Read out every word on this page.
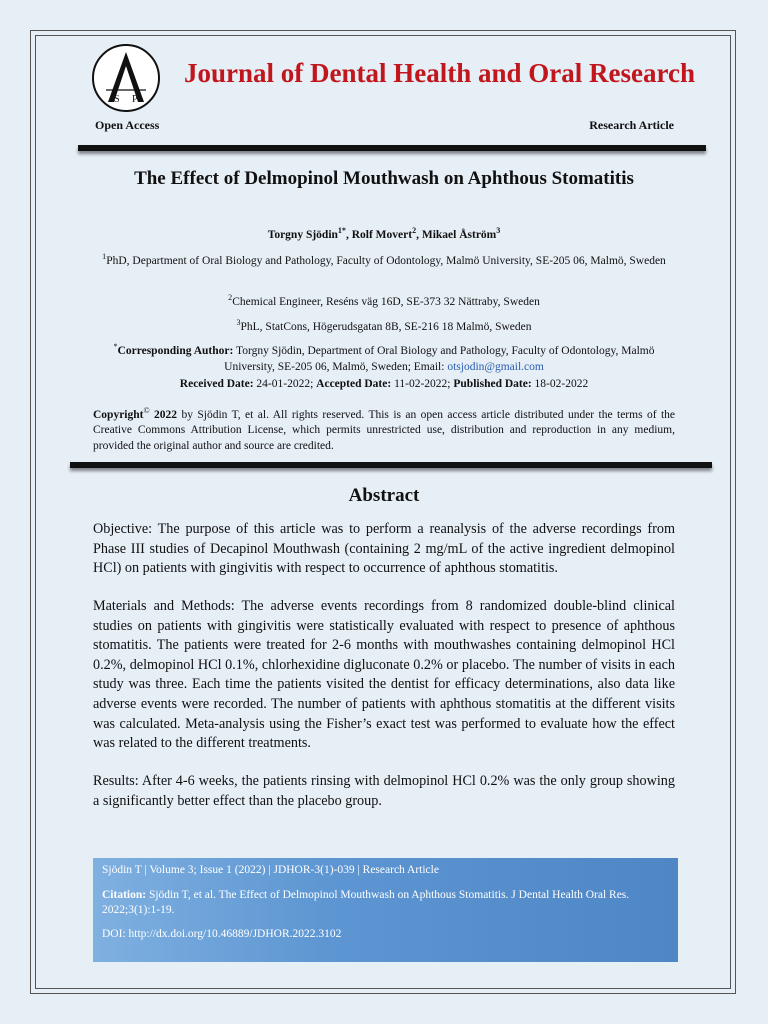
S P
Journal of Dental Health and Oral Research
Open Access	Research Article
The Effect of Delmopinol Mouthwash on Aphthous Stomatitis
Torgny Sjödin$^{1*}$, Rolf Movert$^2$, Mikael Åström$^3$
$^1$PhD, Department of Oral Biology and Pathology, Faculty of Odontology, Malmö University, SE-205 06, Malmö, Sweden
$^2$Chemical Engineer, Reséns väg 16D, SE-373 32 Nättraby, Sweden
$^3$PhL, StatCons, Högerudsgatan 8B, SE-216 18 Malmö, Sweden
*Corresponding Author: Torgny Sjödin, Department of Oral Biology and Pathology, Faculty of Odontology, Malmö University, SE-205 06, Malmö, Sweden; Email: otsjodin@gmail.com
Received Date: 24-01-2022; Accepted Date: 11-02-2022; Published Date: 18-02-2022
Copyright© 2022 by Sjödin T, et al. All rights reserved. This is an open access article distributed under the terms of the Creative Commons Attribution License, which permits unrestricted use, distribution and reproduction in any medium, provided the original author and source are credited.
Abstract
Objective: The purpose of this article was to perform a reanalysis of the adverse recordings from Phase III studies of Decapinol Mouthwash (containing 2 mg/mL of the active ingredient delmopinol HCl) on patients with gingivitis with respect to occurrence of aphthous stomatitis.
Materials and Methods: The adverse events recordings from 8 randomized double-blind clinical studies on patients with gingivitis were statistically evaluated with respect to presence of aphthous stomatitis. The patients were treated for 2-6 months with mouthwashes containing delmopinol HCl 0.2%, delmopinol HCl 0.1%, chlorhexidine digluconate 0.2% or placebo. The number of visits in each study was three. Each time the patients visited the dentist for efficacy determinations, also data like adverse events were recorded. The number of patients with aphthous stomatitis at the different visits was calculated. Meta-analysis using the Fisher’s exact test was performed to evaluate how the effect was related to the different treatments.
Results: After 4-6 weeks, the patients rinsing with delmopinol HCl 0.2% was the only group showing a significantly better effect than the placebo group.
Sjödin T | Volume 3; Issue 1 (2022) | JDHOR-3(1)-039 | Research Article
Citation: Sjödin T, et al. The Effect of Delmopinol Mouthwash on Aphthous Stomatitis. J Dental Health Oral Res. 2022;3(1):1-19.
DOI: http://dx.doi.org/10.46889/JDHOR.2022.3102
